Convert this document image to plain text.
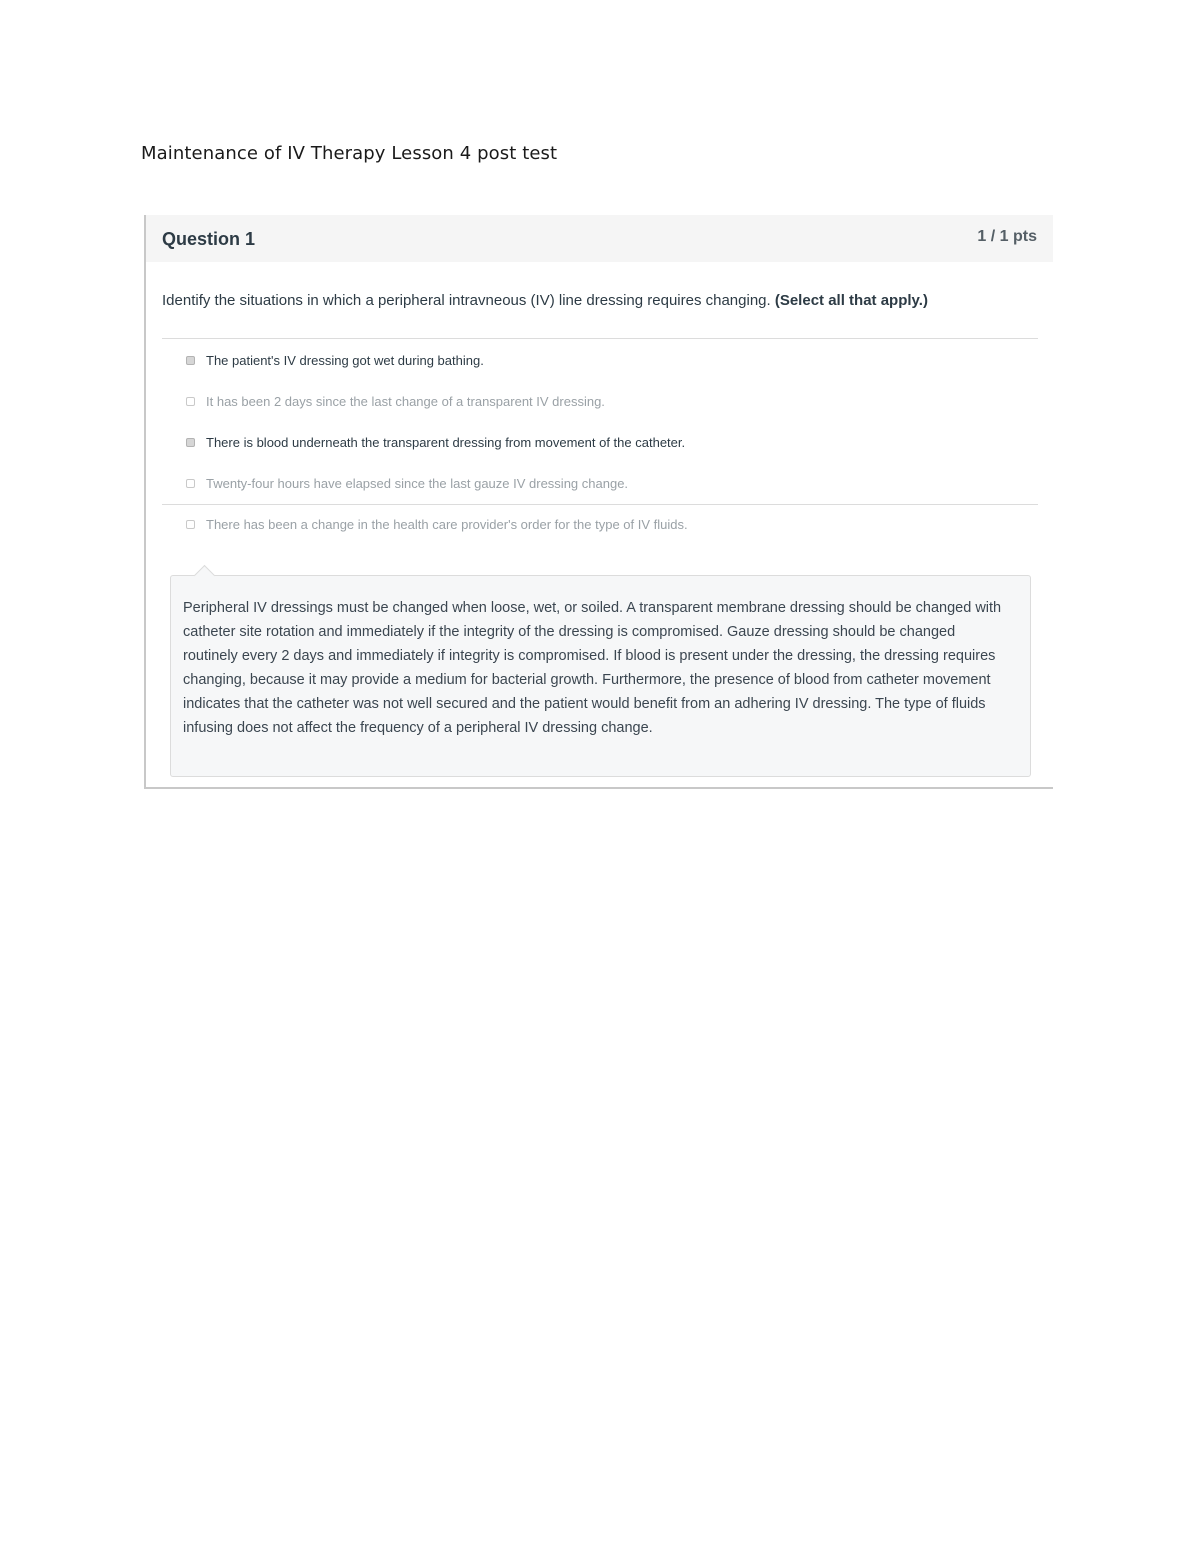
Maintenance of IV Therapy Lesson 4 post test
Question 1	1 / 1 pts
Identify the situations in which a peripheral intravneous (IV) line dressing requires changing. (Select all that apply.)
The patient's IV dressing got wet during bathing.
It has been 2 days since the last change of a transparent IV dressing.
There is blood underneath the transparent dressing from movement of the catheter.
Twenty-four hours have elapsed since the last gauze IV dressing change.
There has been a change in the health care provider's order for the type of IV fluids.
Peripheral IV dressings must be changed when loose, wet, or soiled. A transparent membrane dressing should be changed with catheter site rotation and immediately if the integrity of the dressing is compromised. Gauze dressing should be changed routinely every 2 days and immediately if integrity is compromised. If blood is present under the dressing, the dressing requires changing, because it may provide a medium for bacterial growth. Furthermore, the presence of blood from catheter movement indicates that the catheter was not well secured and the patient would benefit from an adhering IV dressing. The type of fluids infusing does not affect the frequency of a peripheral IV dressing change.
